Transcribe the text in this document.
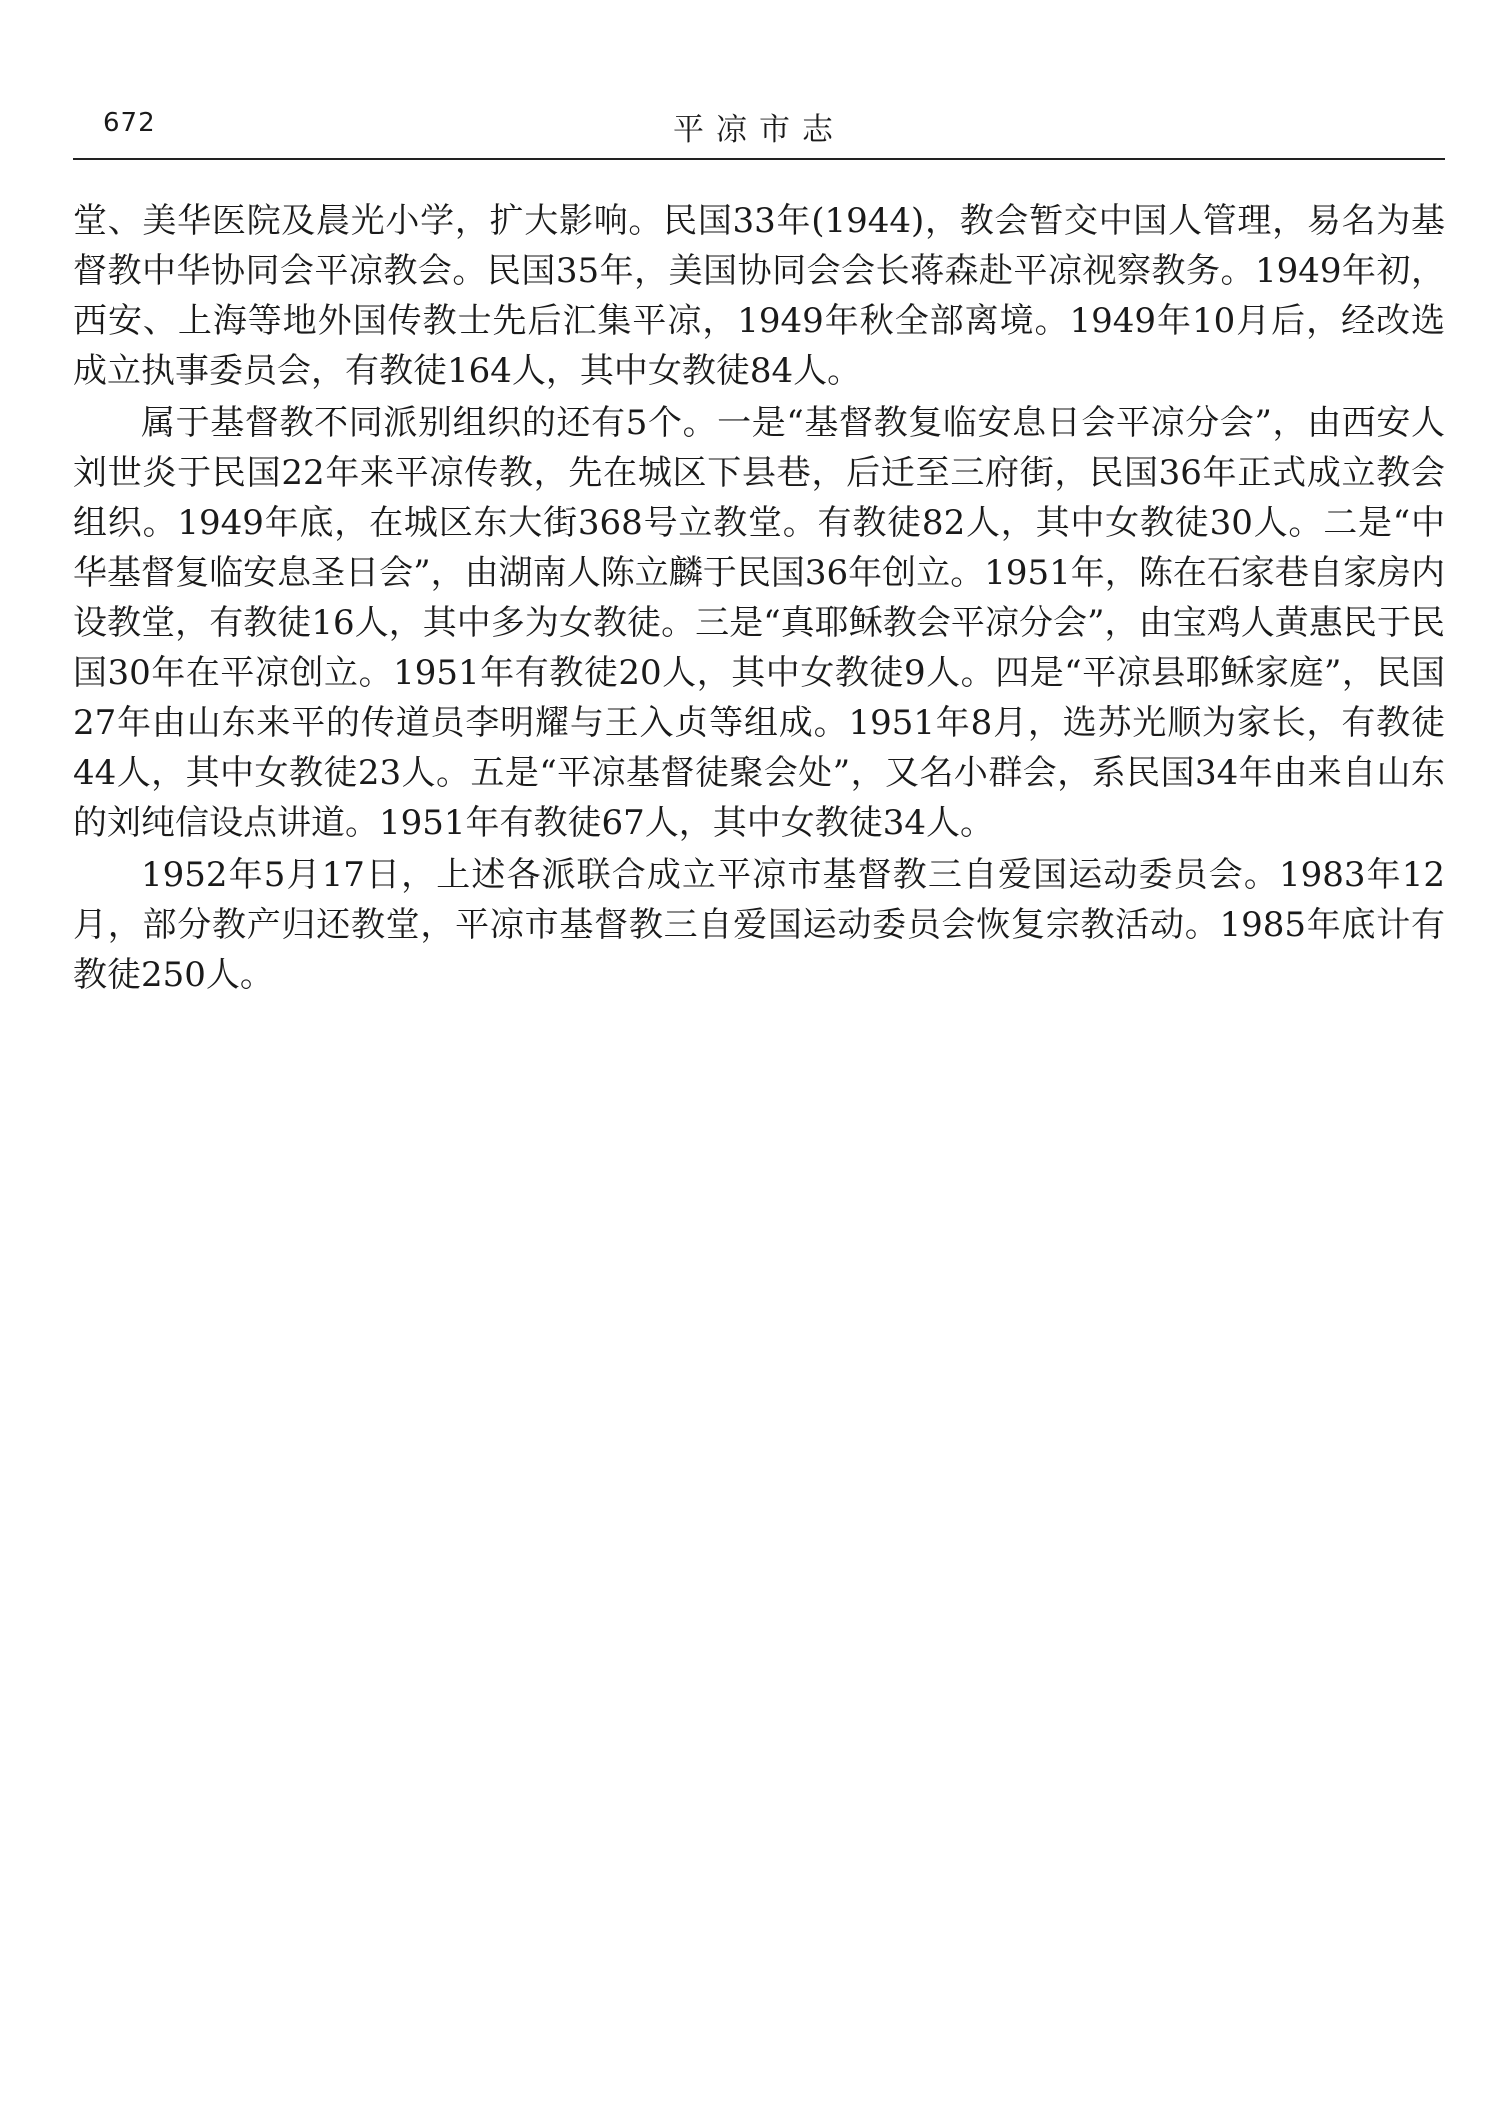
672	平凉市志

堂、美华医院及晨光小学，扩大影响。民国33年(1944)，教会暂交中国人管理，易名为基督教中华协同会平凉教会。民国35年，美国协同会会长蒋森赴平凉视察教务。1949年初，西安、上海等地外国传教士先后汇集平凉，1949年秋全部离境。1949年10月后，经改选成立执事委员会，有教徒164人，其中女教徒84人。

属于基督教不同派别组织的还有5个。一是“基督教复临安息日会平凉分会”，由西安人刘世炎于民国22年来平凉传教，先在城区下县巷，后迁至三府街，民国36年正式成立教会组织。1949年底，在城区东大街368号立教堂。有教徒82人，其中女教徒30人。二是“中华基督复临安息圣日会”，由湖南人陈立麟于民国36年创立。1951年，陈在石家巷自家房内设教堂，有教徒16人，其中多为女教徒。三是“真耶稣教会平凉分会”，由宝鸡人黄惠民于民国30年在平凉创立。1951年有教徒20人，其中女教徒9人。四是“平凉县耶稣家庭”，民国27年由山东来平的传道员李明耀与王入贞等组成。1951年8月，选苏光顺为家长，有教徒44人，其中女教徒23人。五是“平凉基督徒聚会处”，又名小群会，系民国34年由来自山东的刘纯信设点讲道。1951年有教徒67人，其中女教徒34人。

1952年5月17日，上述各派联合成立平凉市基督教三自爱国运动委员会。1983年12月，部分教产归还教堂，平凉市基督教三自爱国运动委员会恢复宗教活动。1985年底计有教徒250人。
